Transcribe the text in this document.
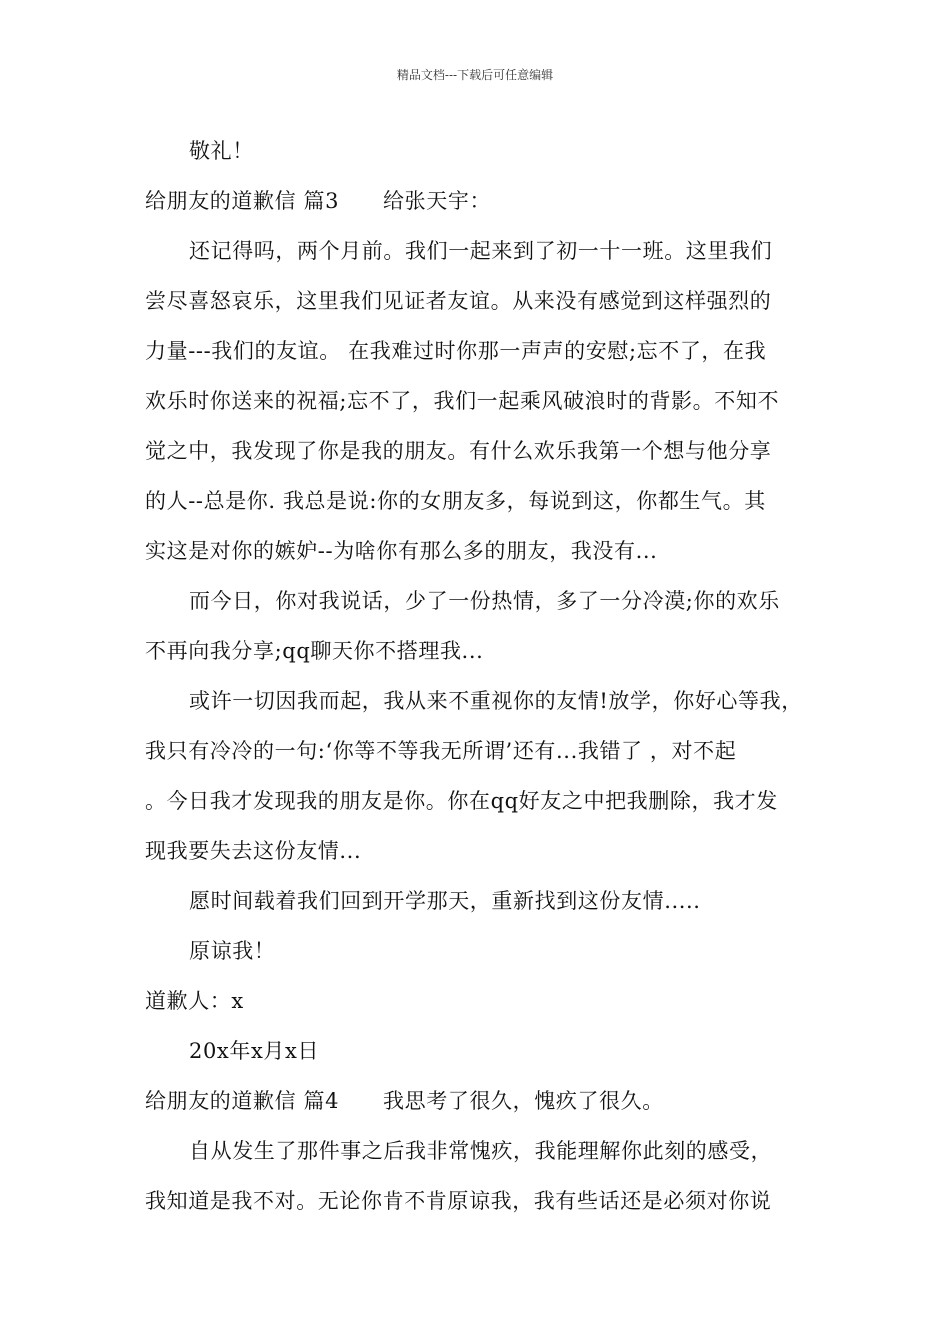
精品文档---下载后可任意编辑
敬礼！
给朋友的道歉信 篇3 给张天宇：
还记得吗，两个月前。我们一起来到了初一十一班。这里我们
尝尽喜怒哀乐，这里我们见证者友谊。从来没有感觉到这样强烈的
力量---我们的友谊。 在我难过时你那一声声的安慰;忘不了，在我
欢乐时你送来的祝福;忘不了，我们一起乘风破浪时的背影。不知不
觉之中，我发现了你是我的朋友。有什么欢乐我第一个想与他分享
的人--总是你. 我总是说:你的女朋友多，每说到这，你都生气。其
实这是对你的嫉妒--为啥你有那么多的朋友，我没有...
而今日，你对我说话，少了一份热情，多了一分冷漠;你的欢乐
不再向我分享;qq聊天你不搭理我...
或许一切因我而起，我从来不重视你的友情!放学，你好心等我，
我只有冷冷的一句:‘你等不等我无所谓’还有...我错了 ，对不起
。今日我才发现我的朋友是你。你在qq好友之中把我删除，我才发
现我要失去这份友情...
愿时间载着我们回到开学那天，重新找到这份友情.....
原谅我！
道歉人：x
20x年x月x日
给朋友的道歉信 篇4 我思考了很久，愧疚了很久。
自从发生了那件事之后我非常愧疚，我能理解你此刻的感受，
我知道是我不对。无论你肯不肯原谅我，我有些话还是必须对你说
